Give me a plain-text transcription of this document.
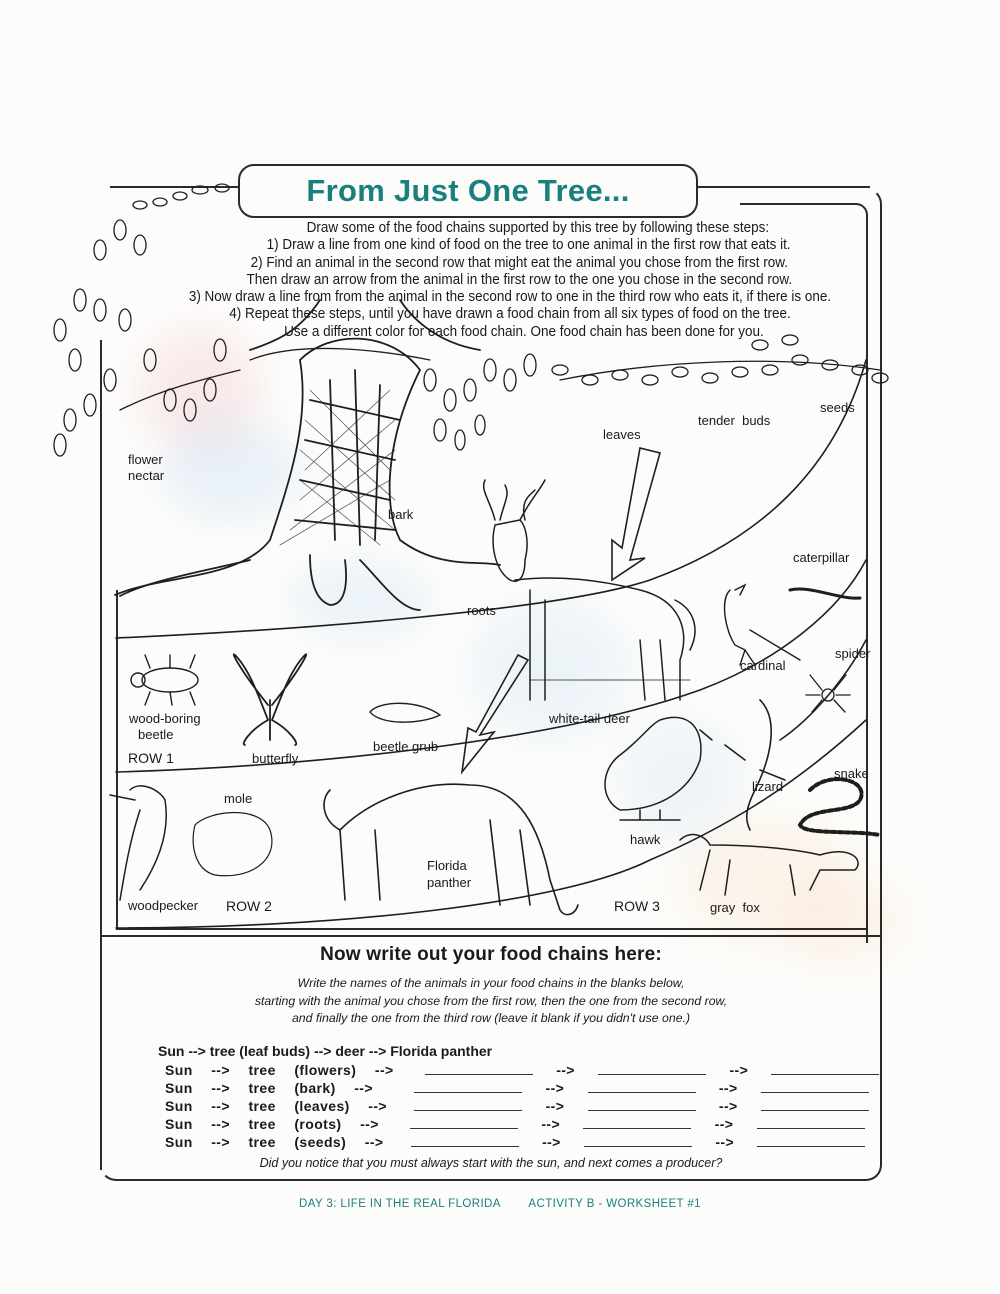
From Just One Tree...
Draw some of the food chains supported by this tree by following these steps:
1) Draw a line from one kind of food on the tree to one animal in the first row that eats it.
2) Find an animal in the second row that might eat the animal you chose from the first row.
Then draw an arrow from the animal in the first row to the one you chose in the second row.
3) Now draw a line from from the animal in the second row to one in the third row who eats it, if there is one.
4) Repeat these steps, until you have drawn a food chain from all six types of food on the tree.
Use a different color for each food chain. One food chain has been done for you.
flower
nectar
bark
leaves
tender  buds
seeds
roots
caterpillar
cardinal
spider
white-tail deer
wood-boring
beetle
butterfly
beetle grub
mole
woodpecker
Florida
panther
hawk
lizard
snake
gray  fox
ROW 1
ROW 2	ROW 3
Now write out your food chains here:
Write the names of the animals in your food chains in the blanks below,
starting with the animal you chose from the first row, then the one from the second row,
and finally the one from the third row (leave it blank if you didn't use one.)
Sun --> tree (leaf buds) --> deer --> Florida panther
Sun  -->  tree  (flowers)  -->	-->	-->
Sun  -->  tree  (bark)  -->	-->	-->
Sun  -->  tree  (leaves)  -->	-->	-->
Sun  -->  tree  (roots)  -->	-->	-->
Sun  -->  tree  (seeds)  -->	-->	-->
Did you notice that you must always start with the sun, and next comes a producer?
DAY 3: LIFE IN THE REAL FLORIDA ACTIVITY B - WORKSHEET #1
